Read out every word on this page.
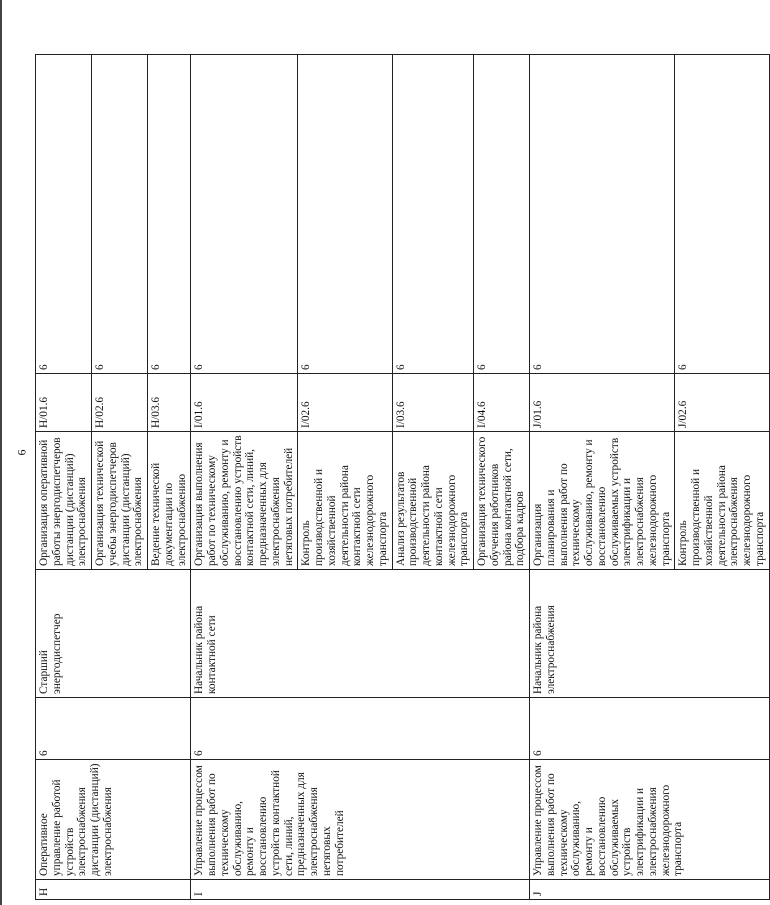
6
H	Оперативное управление работой устройств электроснабжения дистанции (дистанций) электроснабжения	6	Старший энергодиспетчер	Организация оперативной работы энергодиспетчеров дистанции (дистанций) электроснабжения	H/01.6	6
				Организация технической учебы энергодиспетчеров дистанции (дистанций) электроснабжения	H/02.6	6
				Ведение технической документации по электроснабжению	H/03.6	6
I	Управление процессом выполнения работ по техническому обслуживанию, ремонту и восстановлению устройств контактной сети, линий, предназначенных для электроснабжения нетяговых потребителей	6	Начальник района контактной сети	Организация выполнения работ по техническому обслуживанию, ремонту и восстановлению устройств контактной сети, линий, предназначенных для электроснабжения нетяговых потребителей	I/01.6	6
				Контроль производственной и хозяйственной деятельности района контактной сети железнодорожного транспорта	I/02.6	6
				Анализ результатов производственной деятельности района контактной сети железнодорожного транспорта	I/03.6	6
				Организация технического обучения работников района контактной сети, подбора кадров	I/04.6	6
J	Управление процессом выполнения работ по техническому обслуживанию, ремонту и восстановлению обслуживаемых устройств электрификации и электроснабжения железнодорожного транспорта	6	Начальник района электроснабжения	Организация планирования и выполнения работ по техническому обслуживанию, ремонту и восстановлению обслуживаемых устройств электрификации и электроснабжения железнодорожного транспорта	J/01.6	6
				Контроль производственной и хозяйственной деятельности района электроснабжения железнодорожного транспорта	J/02.6	6
